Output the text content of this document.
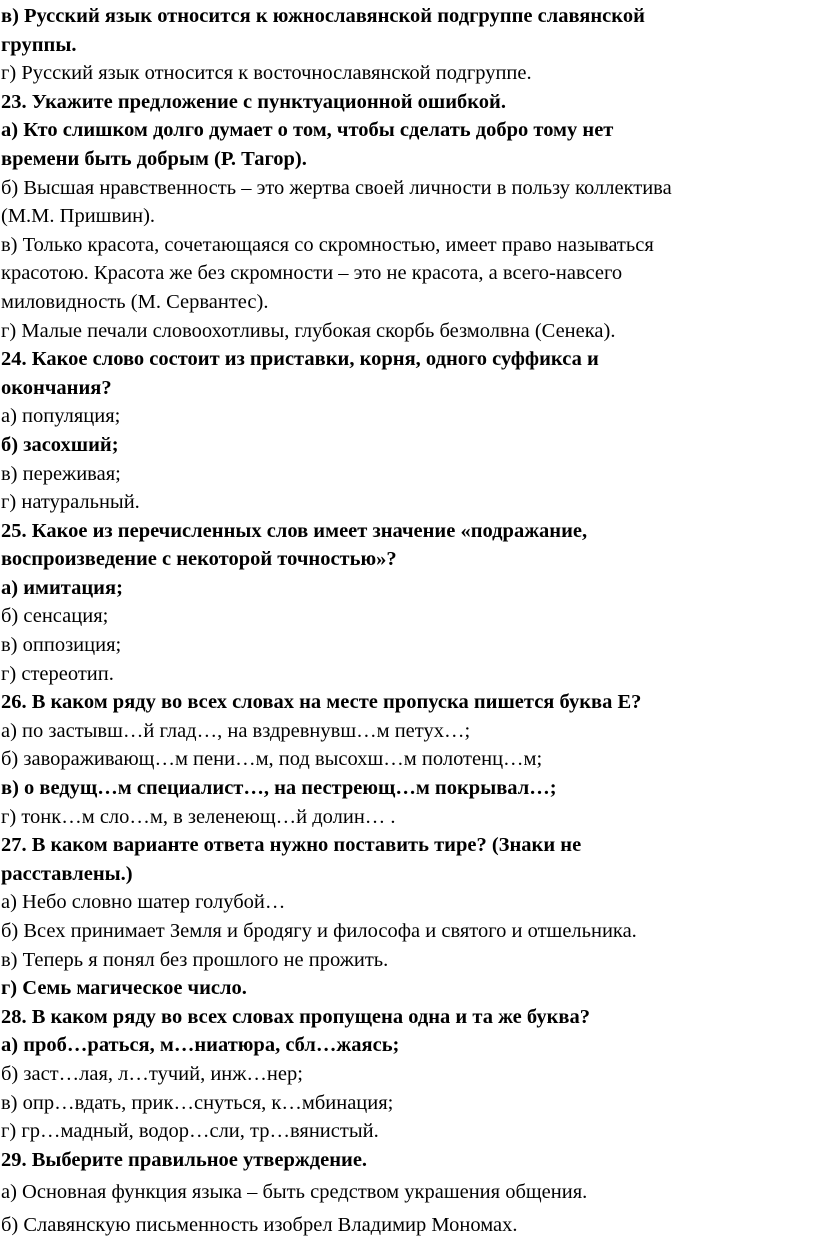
в) Русский язык относится к южнославянской подгруппе славянской
группы.
г) Русский язык относится к восточнославянской подгруппе.
23. Укажите предложение с пунктуационной ошибкой.
а) Кто слишком долго думает о том, чтобы сделать добро тому нет
времени быть добрым (Р. Тагор).
б) Высшая нравственность – это жертва своей личности в пользу коллектива
(М.М. Пришвин).
в) Только красота, сочетающаяся со скромностью, имеет право называться
красотою. Красота же без скромности – это не красота, а всего-навсего
миловидность (М. Сервантес).
г) Малые печали словоохотливы, глубокая скорбь безмолвна (Сенека).
24. Какое слово состоит из приставки, корня, одного суффикса и
окончания?
а) популяция;
б) засохший;
в) переживая;
г) натуральный.
25. Какое из перечисленных слов имеет значение «подражание,
воспроизведение с некоторой точностью»?
а) имитация;
б) сенсация;
в) оппозиция;
г) стереотип.
26. В каком ряду во всех словах на месте пропуска пишется буква Е?
а) по застывш…й глад…, на вздревнувш…м петух…;
б) завораживающ…м пени…м, под высохш…м полотенц…м;
в) о ведущ…м специалист…, на пестреющ…м покрывал…;
г) тонк…м сло…м, в зеленеющ…й долин… .
27. В каком варианте ответа нужно поставить тире? (Знаки не
расставлены.)
а) Небо словно шатер голубой…
б) Всех принимает Земля и бродягу и философа и святого и отшельника.
в) Теперь я понял без прошлого не прожить.
г) Семь магическое число.
28. В каком ряду во всех словах пропущена одна и та же буква?
а) проб…раться, м…ниатюра, сбл…жаясь;
б) заст…лая, л…тучий, инж…нер;
в) опр…вдать, прик…снуться, к…мбинация;
г) гр…мадный, водор…сли, тр…вянистый.
29. Выберите правильное утверждение.
а) Основная функция языка – быть средством украшения общения.
б) Славянскую письменность изобрел Владимир Мономах.
